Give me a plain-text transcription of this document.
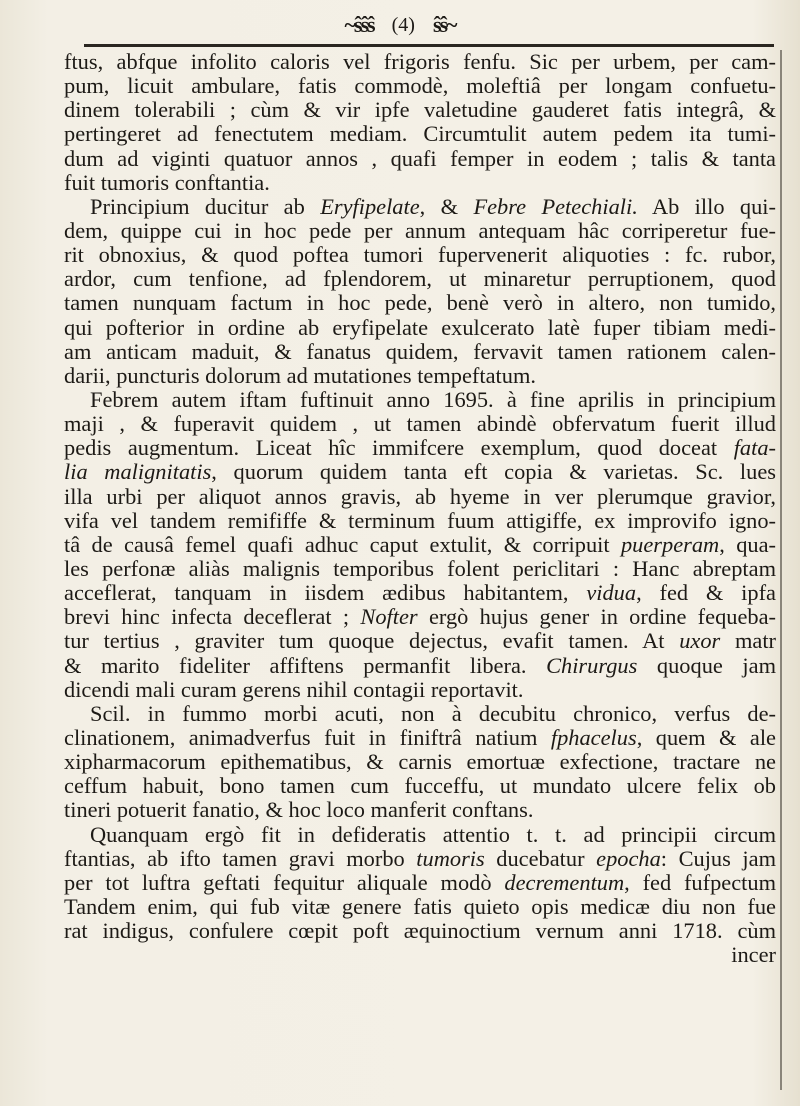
~ŝŝŝ (4) ŝŝ~
ftus, abfque infolito caloris vel frigoris fenfu. Sic per urbem, per cam-
pum, licuit ambulare, fatis commodè, moleftiâ per longam confuetu-
dinem tolerabili ; cùm & vir ipfe valetudine gauderet fatis integrâ, &
pertingeret ad fenectutem mediam. Circumtulit autem pedem ita tumi-
dum ad viginti quatuor annos , quafi femper in eodem ; talis & tanta
fuit tumoris conftantia.
Principium ducitur ab Eryfipelate, & Febre Petechiali. Ab illo qui-
dem, quippe cui in hoc pede per annum antequam hâc corriperetur fue-
rit obnoxius, & quod poftea tumori fupervenerit aliquoties : fc. rubor,
ardor, cum tenfione, ad fplendorem, ut minaretur perruptionem, quod
tamen nunquam factum in hoc pede, benè verò in altero, non tumido,
qui pofterior in ordine ab eryfipelate exulcerato latè fuper tibiam medi-
am anticam maduit, & fanatus quidem, fervavit tamen rationem calen-
darii, puncturis dolorum ad mutationes tempeftatum.
Febrem autem iftam fuftinuit anno 1695. à fine aprilis in principium
maji , & fuperavit quidem , ut tamen abindè obfervatum fuerit illud
pedis augmentum. Liceat hîc immifcere exemplum, quod doceat fata-
lia malignitatis, quorum quidem tanta eft copia & varietas. Sc. lues
illa urbi per aliquot annos gravis, ab hyeme in ver plerumque gravior,
vifa vel tandem remififfe & terminum fuum attigiffe, ex improvifo igno-
tâ de causâ femel quafi adhuc caput extulit, & corripuit puerperam, qua-
les perfonæ aliàs malignis temporibus folent periclitari : Hanc abreptam
acceflerat, tanquam in iisdem ædibus habitantem, vidua, fed & ipfa
brevi hinc infecta deceflerat ; Nofter ergò hujus gener in ordine fequeba-
tur tertius , graviter tum quoque dejectus, evafit tamen. At uxor matr
& marito fideliter affiftens permanfit libera. Chirurgus quoque jam
dicendi mali curam gerens nihil contagii reportavit.
Scil. in fummo morbi acuti, non à decubitu chronico, verfus de-
clinationem, animadverfus fuit in finiftrâ natium fphacelus, quem & ale
xipharmacorum epithematibus, & carnis emortuæ exfectione, tractare ne
ceffum habuit, bono tamen cum fucceffu, ut mundato ulcere felix ob
tineri potuerit fanatio, & hoc loco manferit conftans.
Quanquam ergò fit in defideratis attentio t. t. ad principii circum
ftantias, ab ifto tamen gravi morbo tumoris ducebatur epocha: Cujus jam
per tot luftra geftati fequitur aliquale modò decrementum, fed fufpectum
Tandem enim, qui fub vitæ genere fatis quieto opis medicæ diu non fue
rat indigus, confulere cœpit poft æquinoctium vernum anni 1718. cùm
incer
